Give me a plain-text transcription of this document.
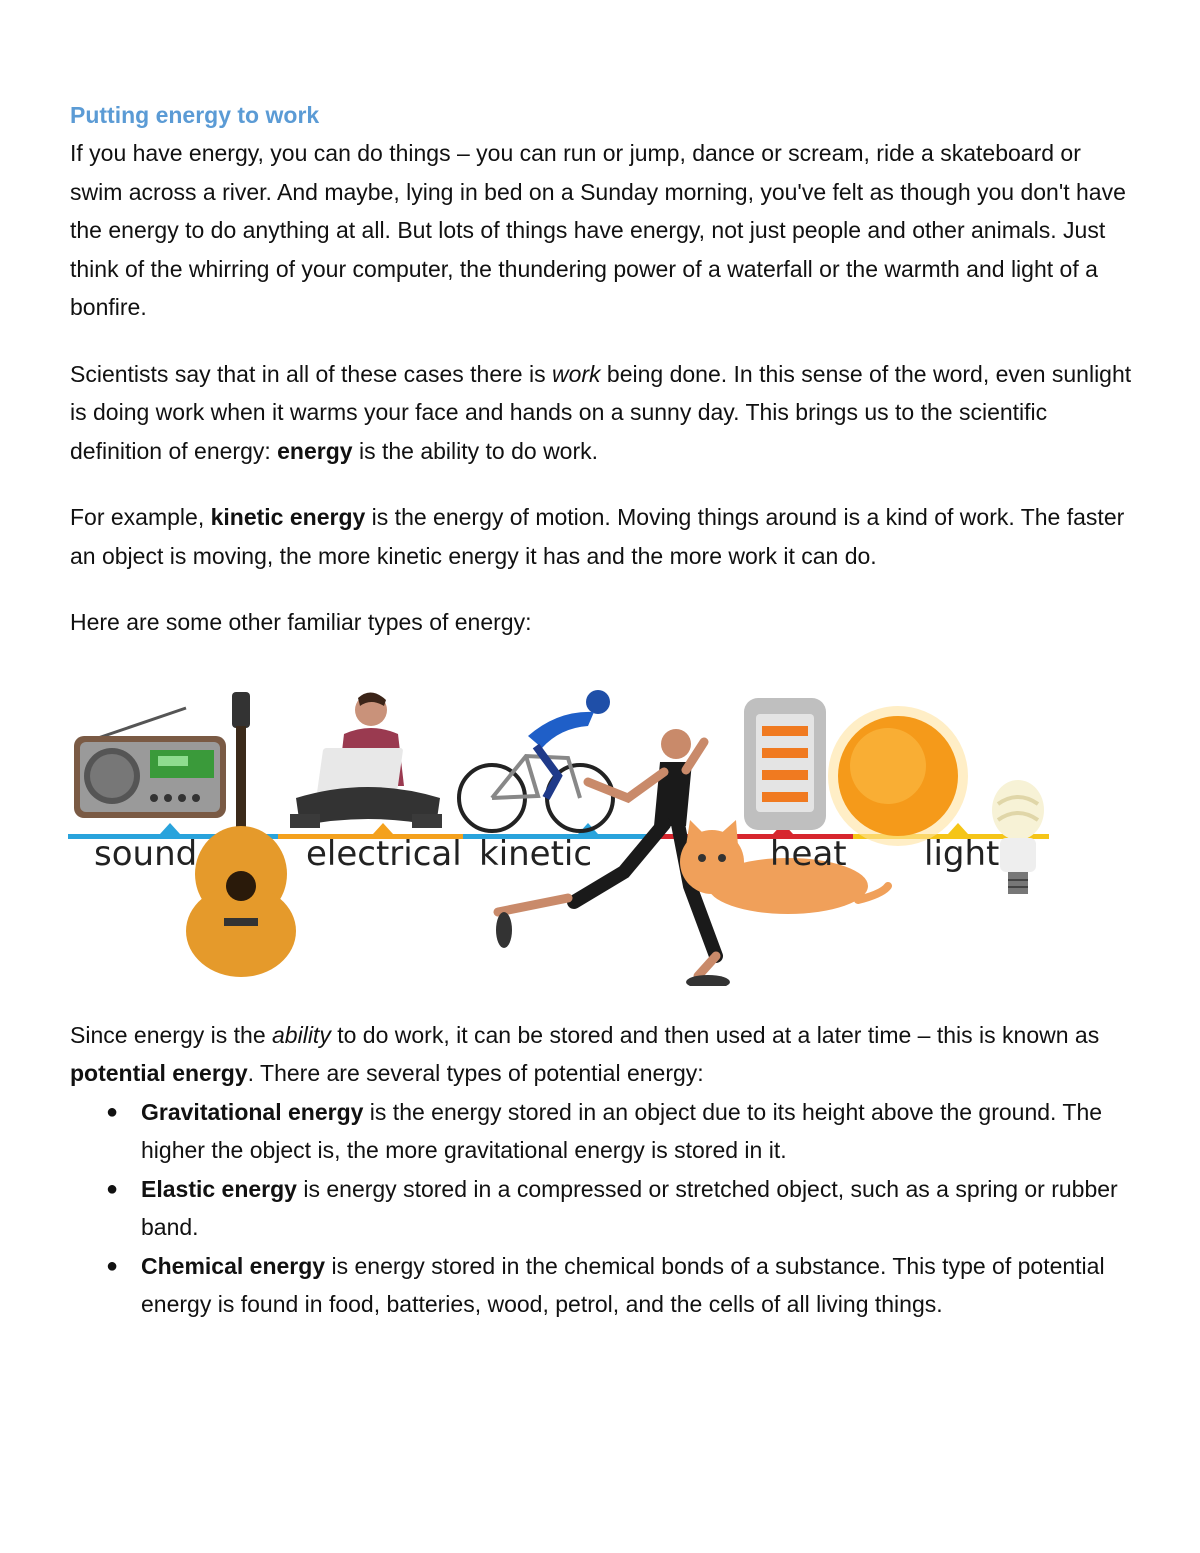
Putting energy to work

If you have energy, you can do things – you can run or jump, dance or scream, ride a skateboard or swim across a river. And maybe, lying in bed on a Sunday morning, you've felt as though you don't have the energy to do anything at all. But lots of things have energy, not just people and other animals. Just think of the whirring of your computer, the thundering power of a waterfall or the warmth and light of a bonfire.

Scientists say that in all of these cases there is work being done. In this sense of the word, even sunlight is doing work when it warms your face and hands on a sunny day. This brings us to the scientific definition of energy: energy is the ability to do work.

For example, kinetic energy is the energy of motion. Moving things around is a kind of work. The faster an object is moving, the more kinetic energy it has and the more work it can do.

Here are some other familiar types of energy:

sound	electrical kinetic	heat light

Since energy is the ability to do work, it can be stored and then used at a later time – this is known as potential energy. There are several types of potential energy:

● Gravitational energy is the energy stored in an object due to its height above the ground. The higher the object is, the more gravitational energy is stored in it.
● Elastic energy is energy stored in a compressed or stretched object, such as a spring or rubber band.
● Chemical energy is energy stored in the chemical bonds of a substance. This type of potential energy is found in food, batteries, wood, petrol, and the cells of all living things.
